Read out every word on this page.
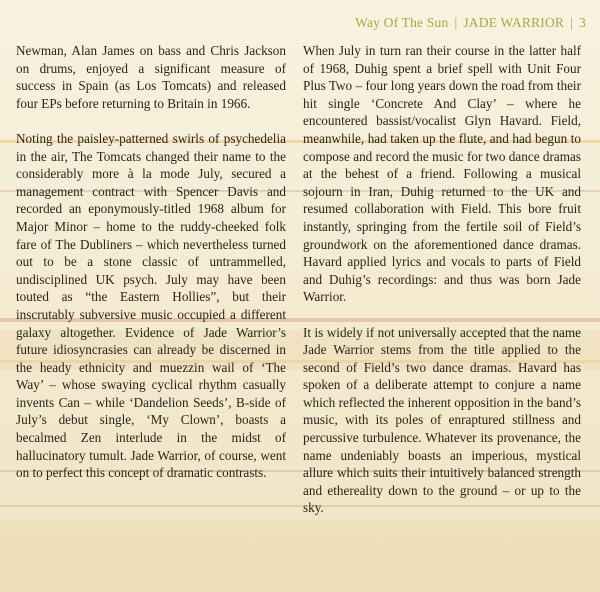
Way Of The Sun | JADE WARRIOR | 3

Newman, Alan James on bass and Chris Jackson on drums, enjoyed a significant measure of success in Spain (as Los Tomcats) and released four EPs before returning to Britain in 1966.

Noting the paisley-patterned swirls of psychedelia in the air, The Tomcats changed their name to the considerably more à la mode July, secured a management contract with Spencer Davis and recorded an eponymously-titled 1968 album for Major Minor – home to the ruddy-cheeked folk fare of The Dubliners – which nevertheless turned out to be a stone classic of untrammelled, undisciplined UK psych. July may have been touted as “the Eastern Hollies”, but their inscrutably subversive music occupied a different galaxy altogether. Evidence of Jade Warrior’s future idiosyncrasies can already be discerned in the heady ethnicity and muezzin wail of ‘The Way’ – whose swaying cyclical rhythm casually invents Can – while ‘Dandelion Seeds’, B-side of July’s debut single, ‘My Clown’, boasts a becalmed Zen interlude in the midst of hallucinatory tumult. Jade Warrior, of course, went on to perfect this concept of dramatic contrasts.

When July in turn ran their course in the latter half of 1968, Duhig spent a brief spell with Unit Four Plus Two – four long years down the road from their hit single ‘Concrete And Clay’ – where he encountered bassist/vocalist Glyn Havard. Field, meanwhile, had taken up the flute, and had begun to compose and record the music for two dance dramas at the behest of a friend. Following a musical sojourn in Iran, Duhig returned to the UK and resumed collaboration with Field. This bore fruit instantly, springing from the fertile soil of Field’s groundwork on the aforementioned dance dramas. Havard applied lyrics and vocals to parts of Field and Duhig’s recordings: and thus was born Jade Warrior.

It is widely if not universally accepted that the name Jade Warrior stems from the title applied to the second of Field’s two dance dramas. Havard has spoken of a deliberate attempt to conjure a name which reflected the inherent opposition in the band’s music, with its poles of enraptured stillness and percussive turbulence. Whatever its provenance, the name undeniably boasts an imperious, mystical allure which suits their intuitively balanced strength and ethereality down to the ground – or up to the sky.
